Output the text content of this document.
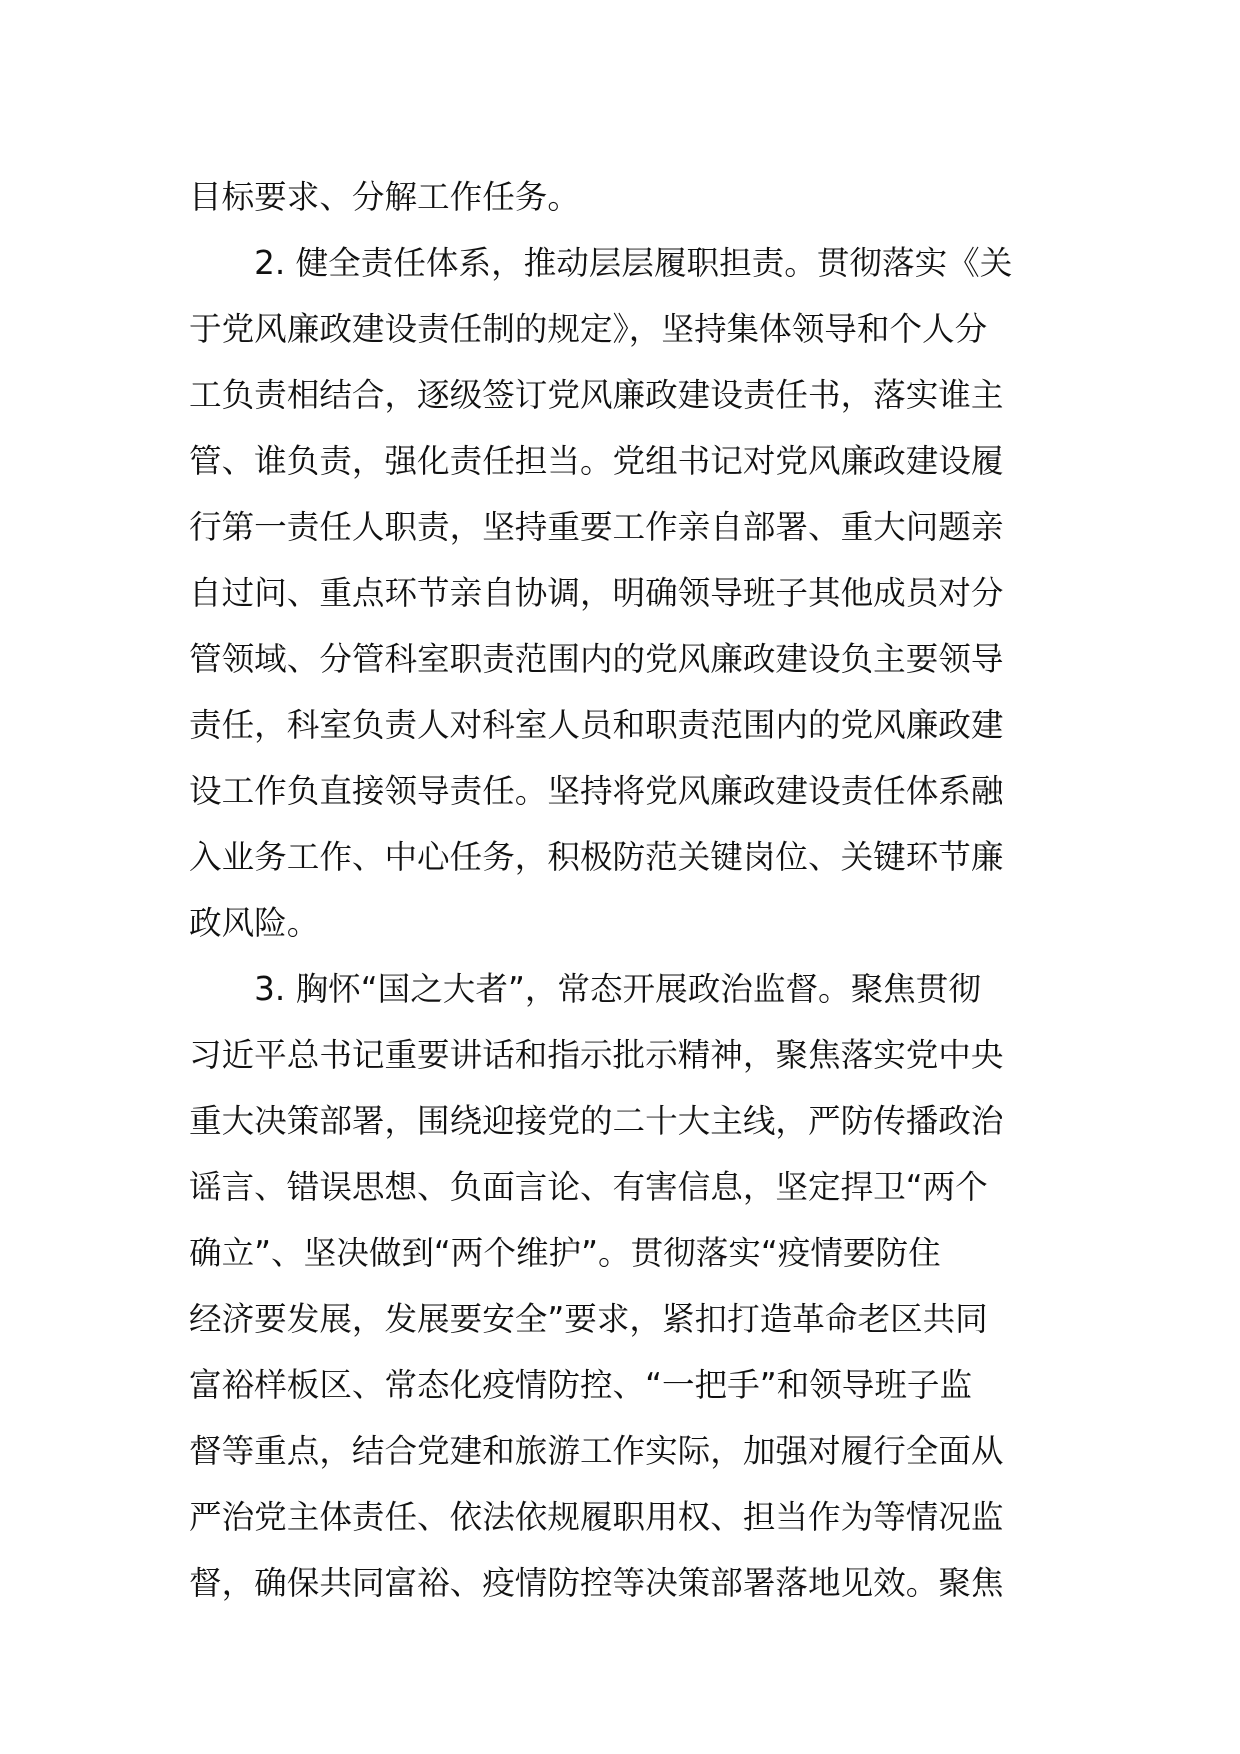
目标要求、分解工作任务。
　　2. 健全责任体系，推动层层履职担责。贯彻落实《关
于党风廉政建设责任制的规定》，坚持集体领导和个人分
工负责相结合，逐级签订党风廉政建设责任书，落实谁主
管、谁负责，强化责任担当。党组书记对党风廉政建设履
行第一责任人职责，坚持重要工作亲自部署、重大问题亲
自过问、重点环节亲自协调，明确领导班子其他成员对分
管领域、分管科室职责范围内的党风廉政建设负主要领导
责任，科室负责人对科室人员和职责范围内的党风廉政建
设工作负直接领导责任。坚持将党风廉政建设责任体系融
入业务工作、中心任务，积极防范关键岗位、关键环节廉
政风险。
　　3. 胸怀“国之大者”，常态开展政治监督。聚焦贯彻
习近平总书记重要讲话和指示批示精神，聚焦落实党中央
重大决策部署，围绕迎接党的二十大主线，严防传播政治
谣言、错误思想、负面言论、有害信息，坚定捍卫“两个
确立”、坚决做到“两个维护”。贯彻落实“疫情要防住
经济要发展，发展要安全”要求，紧扣打造革命老区共同
富裕样板区、常态化疫情防控、“一把手”和领导班子监
督等重点，结合党建和旅游工作实际，加强对履行全面从
严治党主体责任、依法依规履职用权、担当作为等情况监
督，确保共同富裕、疫情防控等决策部署落地见效。聚焦
